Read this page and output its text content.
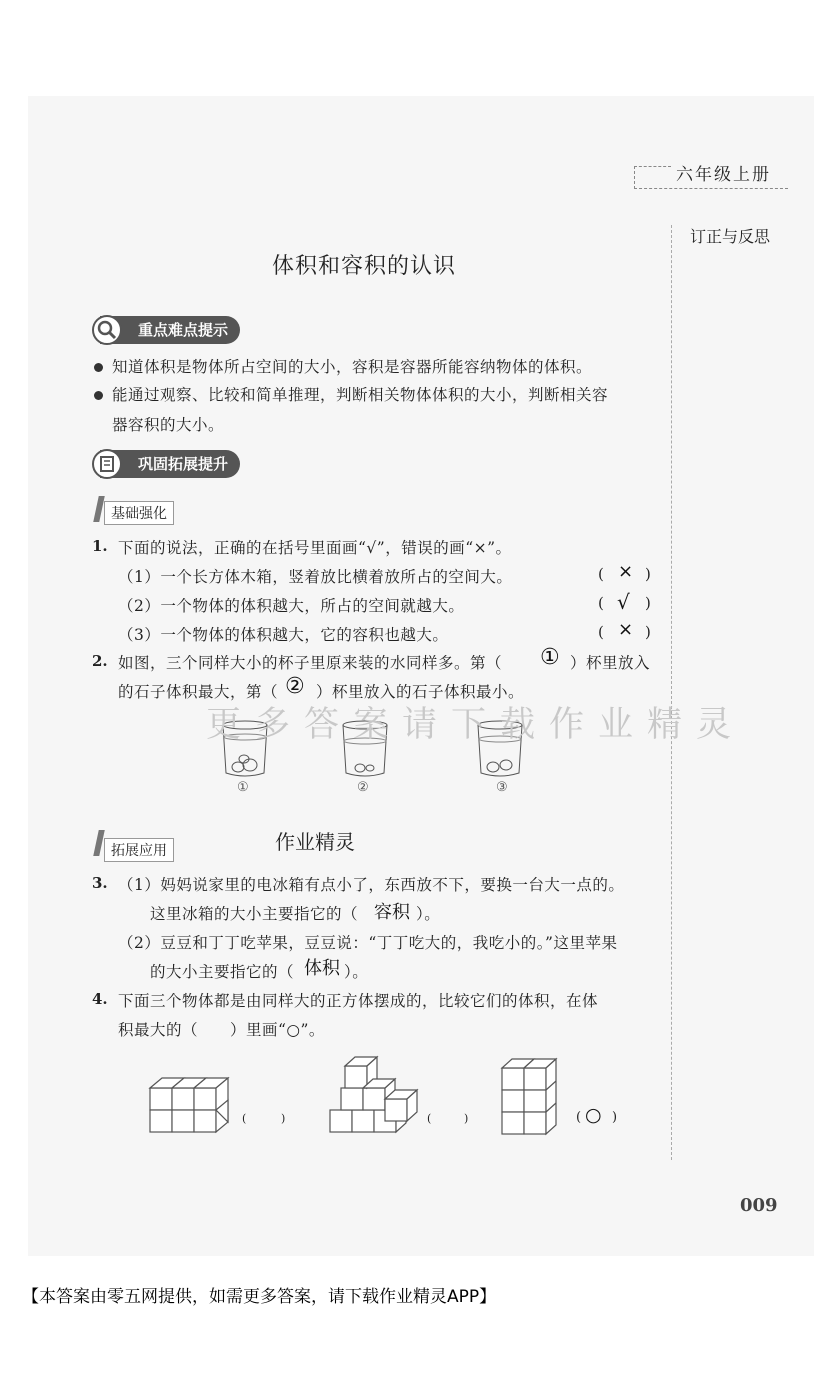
六年级上册
订正与反思
体积和容积的认识
重点难点提示
知道体积是物体所占空间的大小，容积是容器所能容纳物体的体积。
能通过观察、比较和简单推理，判断相关物体体积的大小，判断相关容
器容积的大小。
巩固拓展提升
基础强化
1. 下面的说法，正确的在括号里面画“√”，错误的画“×”。
（1）一个长方体木箱，竖着放比横着放所占的空间大。	( × )
（2）一个物体的体积越大，所占的空间就越大。	( √ )
（3）一个物体的体积越大，它的容积也越大。	( × )
2. 如图，三个同样大小的杯子里原来装的水同样多。第（ ① ）杯里放入
的石子体积最大，第（ ② ）杯里放入的石子体积最小。
①	②	③
更多答案请下载作业精灵
拓展应用	作业精灵
3. （1）妈妈说家里的电冰箱有点小了，东西放不下，要换一台大一点的。
这里冰箱的大小主要指它的（ 容积 ）。
（2）豆豆和丁丁吃苹果，豆豆说：“丁丁吃大的，我吃小的。”这里苹果
的大小主要指它的（ 体积 ）。
4. 下面三个物体都是由同样大的正方体摆成的，比较它们的体积，在体
积最大的（　　）里画“○”。
(	)	(	)	( ○ )
009
【本答案由零五网提供，如需更多答案，请下载作业精灵APP】
